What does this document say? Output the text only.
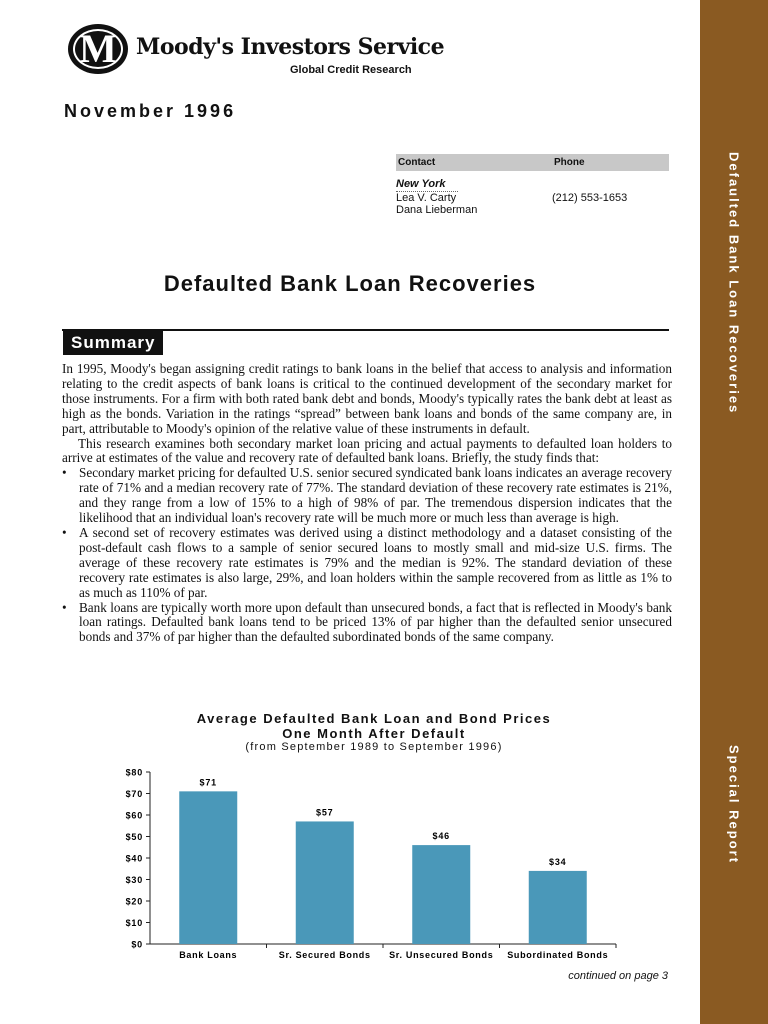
M Moody's Investors Service
Global Credit Research
November 1996
Contact	Phone
New York
Lea V. Carty	(212) 553-1653
Dana Lieberman
Defaulted Bank Loan Recoveries
Summary

In 1995, Moody's began assigning credit ratings to bank loans in the belief that access to analysis and information relating to the credit aspects of bank loans is critical to the continued development of the secondary market for those instruments. For a firm with both rated bank debt and bonds, Moody's typically rates the bank debt at least as high as the bonds. Variation in the ratings “spread” between bank loans and bonds of the same company are, in part, attributable to Moody's opinion of the relative value of these instruments in default.

This research examines both secondary market loan pricing and actual payments to defaulted loan holders to arrive at estimates of the value and recovery rate of defaulted bank loans. Briefly, the study finds that:

• Secondary market pricing for defaulted U.S. senior secured syndicated bank loans indicates an average recovery rate of 71% and a median recovery rate of 77%. The standard deviation of these recovery rate estimates is 21%, and they range from a low of 15% to a high of 98% of par. The tremendous dispersion indicates that the likelihood that an individual loan's recovery rate will be much more or much less than average is high.
• A second set of recovery estimates was derived using a distinct methodology and a dataset consisting of the post-default cash flows to a sample of senior secured loans to mostly small and mid-size U.S. firms. The average of these recovery rate estimates is 79% and the median is 92%. The standard deviation of these recovery rate estimates is also large, 29%, and loan holders within the sample recovered from as little as 1% to as much as 110% of par.
• Bank loans are typically worth more upon default than unsecured bonds, a fact that is reflected in Moody's bank loan ratings. Defaulted bank loans tend to be priced 13% of par higher than the defaulted senior unsecured bonds and 37% of par higher than the defaulted subordinated bonds of the same company.
Average Defaulted Bank Loan and Bond Prices
One Month After Default
(from September 1989 to September 1996)
$0
$10
$20
$30
$40
$50
$60
$70
$80
$71
Bank Loans
$57
Sr. Secured Bonds
$46
Sr. Unsecured Bonds
$34
Subordinated Bonds
continued on page 3
Defaulted Bank Loan Recoveries
Special Report
